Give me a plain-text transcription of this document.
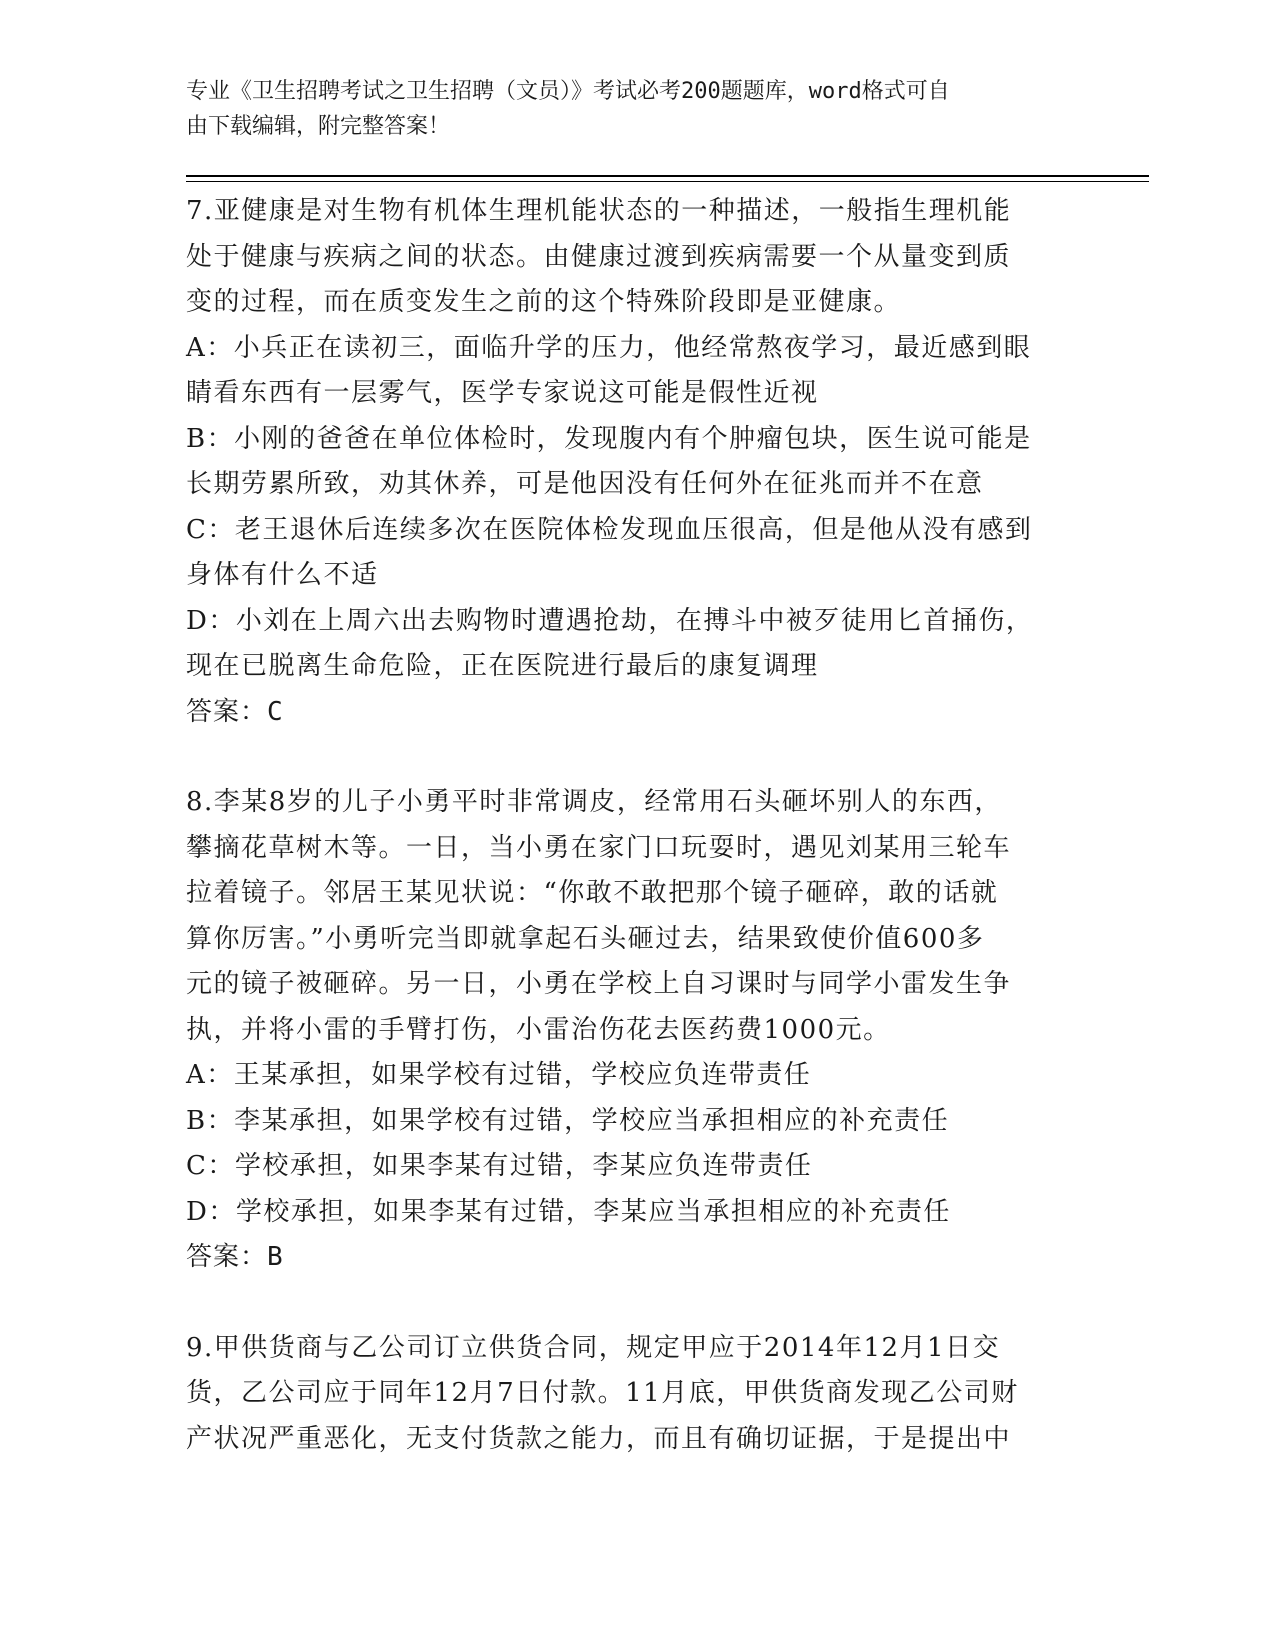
专业《卫生招聘考试之卫生招聘（文员）》考试必考200题题库，word格式可自
由下载编辑，附完整答案！
7.亚健康是对生物有机体生理机能状态的一种描述，一般指生理机能
处于健康与疾病之间的状态。由健康过渡到疾病需要一个从量变到质
变的过程，而在质变发生之前的这个特殊阶段即是亚健康。
A：小兵正在读初三，面临升学的压力，他经常熬夜学习，最近感到眼
睛看东西有一层雾气，医学专家说这可能是假性近视
B：小刚的爸爸在单位体检时，发现腹内有个肿瘤包块，医生说可能是
长期劳累所致，劝其休养，可是他因没有任何外在征兆而并不在意
C：老王退休后连续多次在医院体检发现血压很高，但是他从没有感到
身体有什么不适
D：小刘在上周六出去购物时遭遇抢劫，在搏斗中被歹徒用匕首捅伤，
现在已脱离生命危险，正在医院进行最后的康复调理
答案：C
8.李某8岁的儿子小勇平时非常调皮，经常用石头砸坏别人的东西，
攀摘花草树木等。一日，当小勇在家门口玩耍时，遇见刘某用三轮车
拉着镜子。邻居王某见状说：“你敢不敢把那个镜子砸碎，敢的话就
算你厉害。”小勇听完当即就拿起石头砸过去，结果致使价值600多
元的镜子被砸碎。另一日，小勇在学校上自习课时与同学小雷发生争
执，并将小雷的手臂打伤，小雷治伤花去医药费1000元。
A：王某承担，如果学校有过错，学校应负连带责任
B：李某承担，如果学校有过错，学校应当承担相应的补充责任
C：学校承担，如果李某有过错，李某应负连带责任
D：学校承担，如果李某有过错，李某应当承担相应的补充责任
答案：B
9.甲供货商与乙公司订立供货合同，规定甲应于2014年12月1日交
货，乙公司应于同年12月7日付款。11月底，甲供货商发现乙公司财
产状况严重恶化，无支付货款之能力，而且有确切证据，于是提出中
